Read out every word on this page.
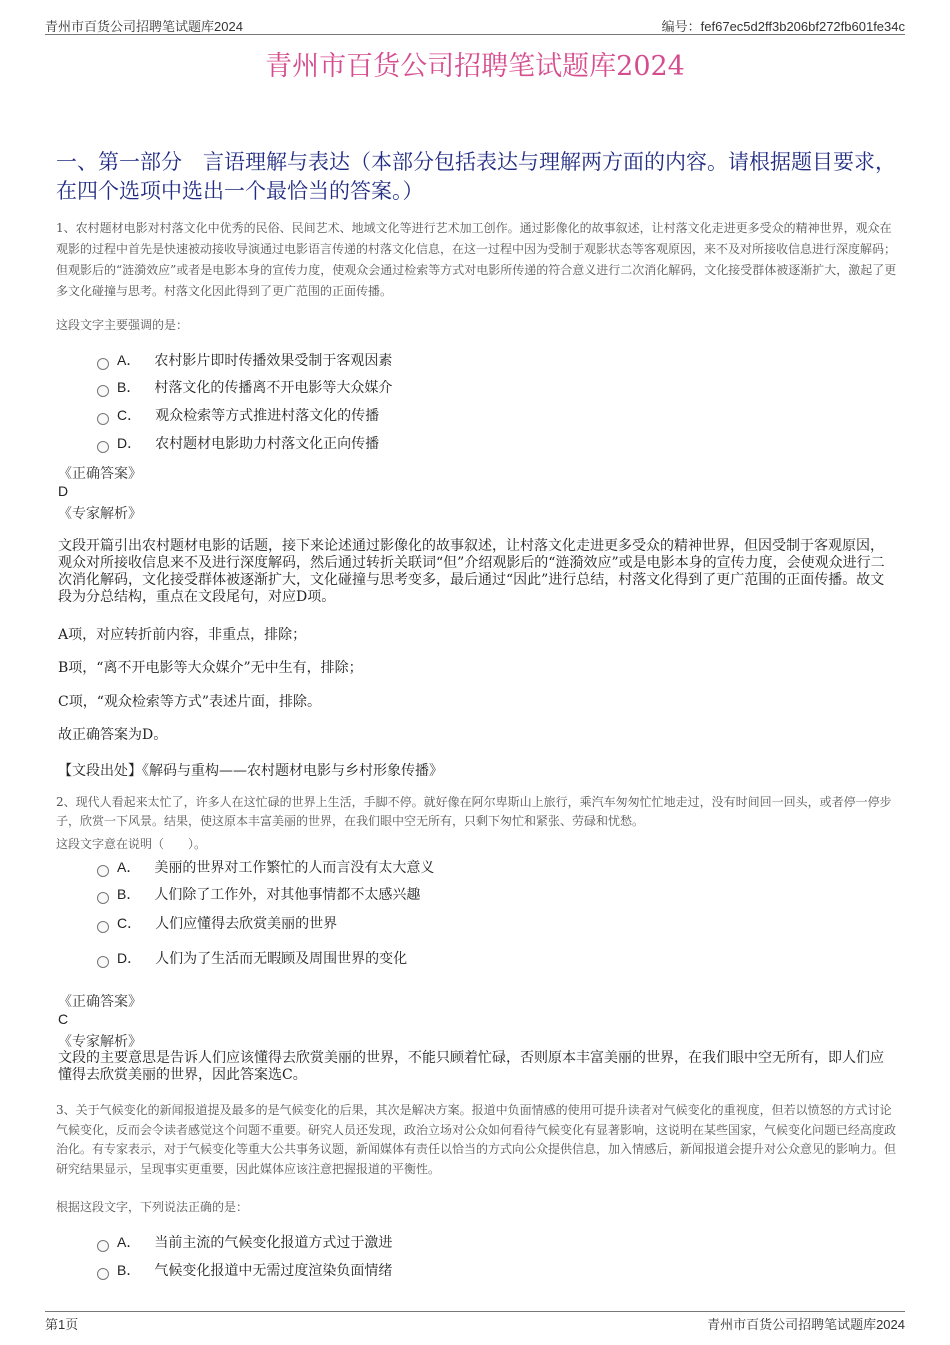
青州市百货公司招聘笔试题库2024	编号：fef67ec5d2ff3b206bf272fb601fe34c
青州市百货公司招聘笔试题库2024
一、第一部分　言语理解与表达（本部分包括表达与理解两方面的内容。请根据题目要求，在四个选项中选出一个最恰当的答案。）
1、农村题材电影对村落文化中优秀的民俗、民间艺术、地域文化等进行艺术加工创作。通过影像化的故事叙述，让村落文化走进更多受众的精神世界，观众在观影的过程中首先是快速被动接收导演通过电影语言传递的村落文化信息，在这一过程中因为受制于观影状态等客观原因，来不及对所接收信息进行深度解码；但观影后的“涟漪效应”或者是电影本身的宣传力度，使观众会通过检索等方式对电影所传递的符合意义进行二次消化解码，文化接受群体被逐渐扩大，激起了更多文化碰撞与思考。村落文化因此得到了更广范围的正面传播。
这段文字主要强调的是：
A． 农村影片即时传播效果受制于客观因素
B． 村落文化的传播离不开电影等大众媒介
C． 观众检索等方式推进村落文化的传播
D． 农村题材电影助力村落文化正向传播
《正确答案》
D
《专家解析》
文段开篇引出农村题材电影的话题，接下来论述通过影像化的故事叙述，让村落文化走进更多受众的精神世界，但因受制于客观原因，观众对所接收信息来不及进行深度解码，然后通过转折关联词“但”介绍观影后的“涟漪效应”或是电影本身的宣传力度，会使观众进行二次消化解码，文化接受群体被逐渐扩大，文化碰撞与思考变多，最后通过“因此”进行总结，村落文化得到了更广范围的正面传播。故文段为分总结构，重点在文段尾句，对应D项。
A项，对应转折前内容，非重点，排除；
B项，“离不开电影等大众媒介”无中生有，排除；
C项，“观众检索等方式”表述片面，排除。
故正确答案为D。
【文段出处】《解码与重构——农村题材电影与乡村形象传播》
2、现代人看起来太忙了，许多人在这忙碌的世界上生活，手脚不停。就好像在阿尔卑斯山上旅行，乘汽车匆匆忙忙地走过，没有时间回一回头，或者停一停步子，欣赏一下风景。结果，使这原本丰富美丽的世界，在我们眼中空无所有，只剩下匆忙和紧张、劳碌和忧愁。
这段文字意在说明（　　）。
A． 美丽的世界对工作繁忙的人而言没有太大意义
B． 人们除了工作外，对其他事情都不太感兴趣
C． 人们应懂得去欣赏美丽的世界
D． 人们为了生活而无暇顾及周围世界的变化
《正确答案》
C
《专家解析》
文段的主要意思是告诉人们应该懂得去欣赏美丽的世界，不能只顾着忙碌，否则原本丰富美丽的世界，在我们眼中空无所有，即人们应懂得去欣赏美丽的世界，因此答案选C。
3、关于气候变化的新闻报道提及最多的是气候变化的后果，其次是解决方案。报道中负面情感的使用可提升读者对气候变化的重视度，但若以愤怒的方式讨论气候变化，反而会令读者感觉这个问题不重要。研究人员还发现，政治立场对公众如何看待气候变化有显著影响，这说明在某些国家，气候变化问题已经高度政治化。有专家表示，对于气候变化等重大公共事务议题，新闻媒体有责任以恰当的方式向公众提供信息，加入情感后，新闻报道会提升对公众意见的影响力。但研究结果显示，呈现事实更重要，因此媒体应该注意把握报道的平衡性。
根据这段文字，下列说法正确的是：
A． 当前主流的气候变化报道方式过于激进
B． 气候变化报道中无需过度渲染负面情绪
第1页	青州市百货公司招聘笔试题库2024
